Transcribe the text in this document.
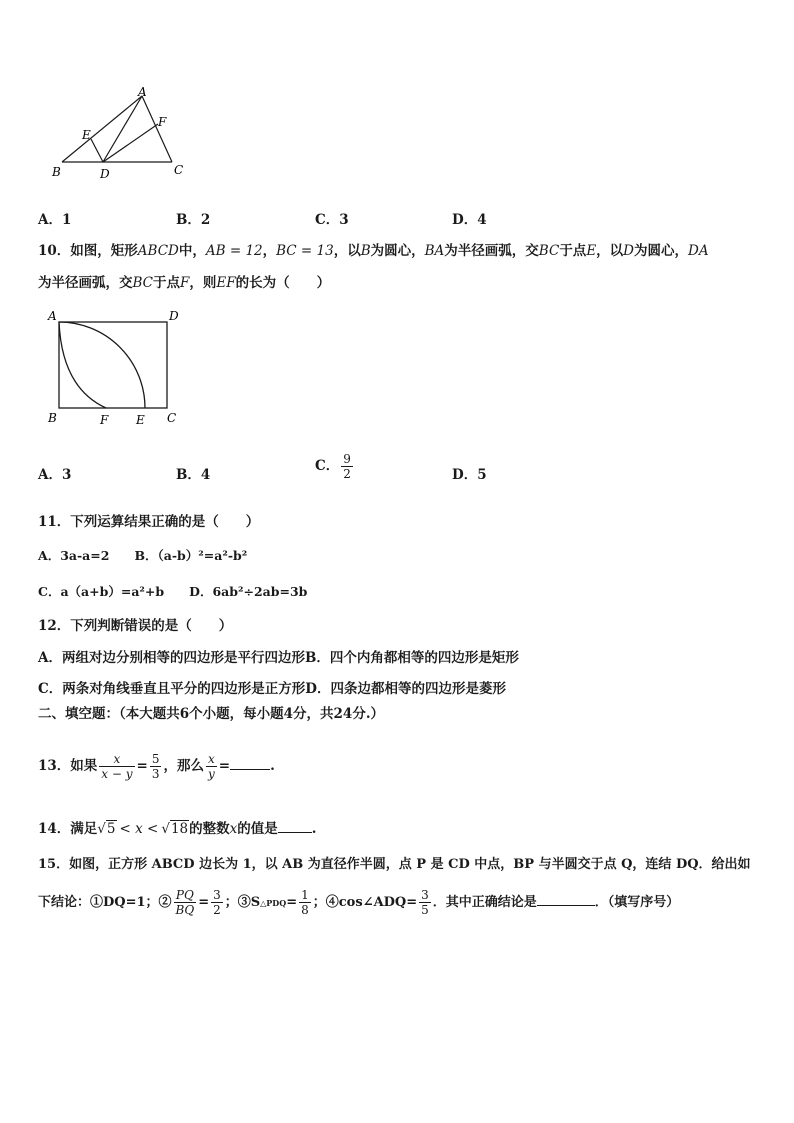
A
E
F
B	D	C
A．1	B．2	C．3	D．4
10．如图，矩形ABCD中，AB = 12，BC = 13，以B为圆心，BA为半径画弧，交BC于点E，以D为圆心，DA
为半径画弧，交BC于点F，则EF的长为（　　）
A	D
B	F E C
A．3	B．4
C． $\frac{9}{2}$	D．5
11．下列运算结果正确的是（　　）
A．3a-a=2　　B．（a-b）²=a²-b²
C．a（a+b）=a²+b　　D．6ab²÷2ab=3b
12．下列判断错误的是（　　）
A．两组对边分别相等的四边形是平行四边形B．四个内角都相等的四边形是矩形
C．两条对角线垂直且平分的四边形是正方形D．四条边都相等的四边形是菱形
二、填空题：（本大题共6个小题，每小题4分，共24分.）
13．如果 $\frac{x}{x - y} = \frac{5}{3}$ ，那么 $\frac{x}{y}$ =	.
14．满足√5 < x < √18的整数x的值是	.
15．如图，正方形 ABCD 边长为 1，以 AB 为直径作半圆，点 P 是 CD 中点，BP 与半圆交于点 Q，连结 DQ．给出如
下结论：①DQ=1；② $\frac{PQ}{BQ} = \frac{3}{2}$ ；③S△PDQ= $\frac{1}{8}$ ；④cos∠ADQ= $\frac{3}{5}$ ．其中正确结论是	．（填写序号）
